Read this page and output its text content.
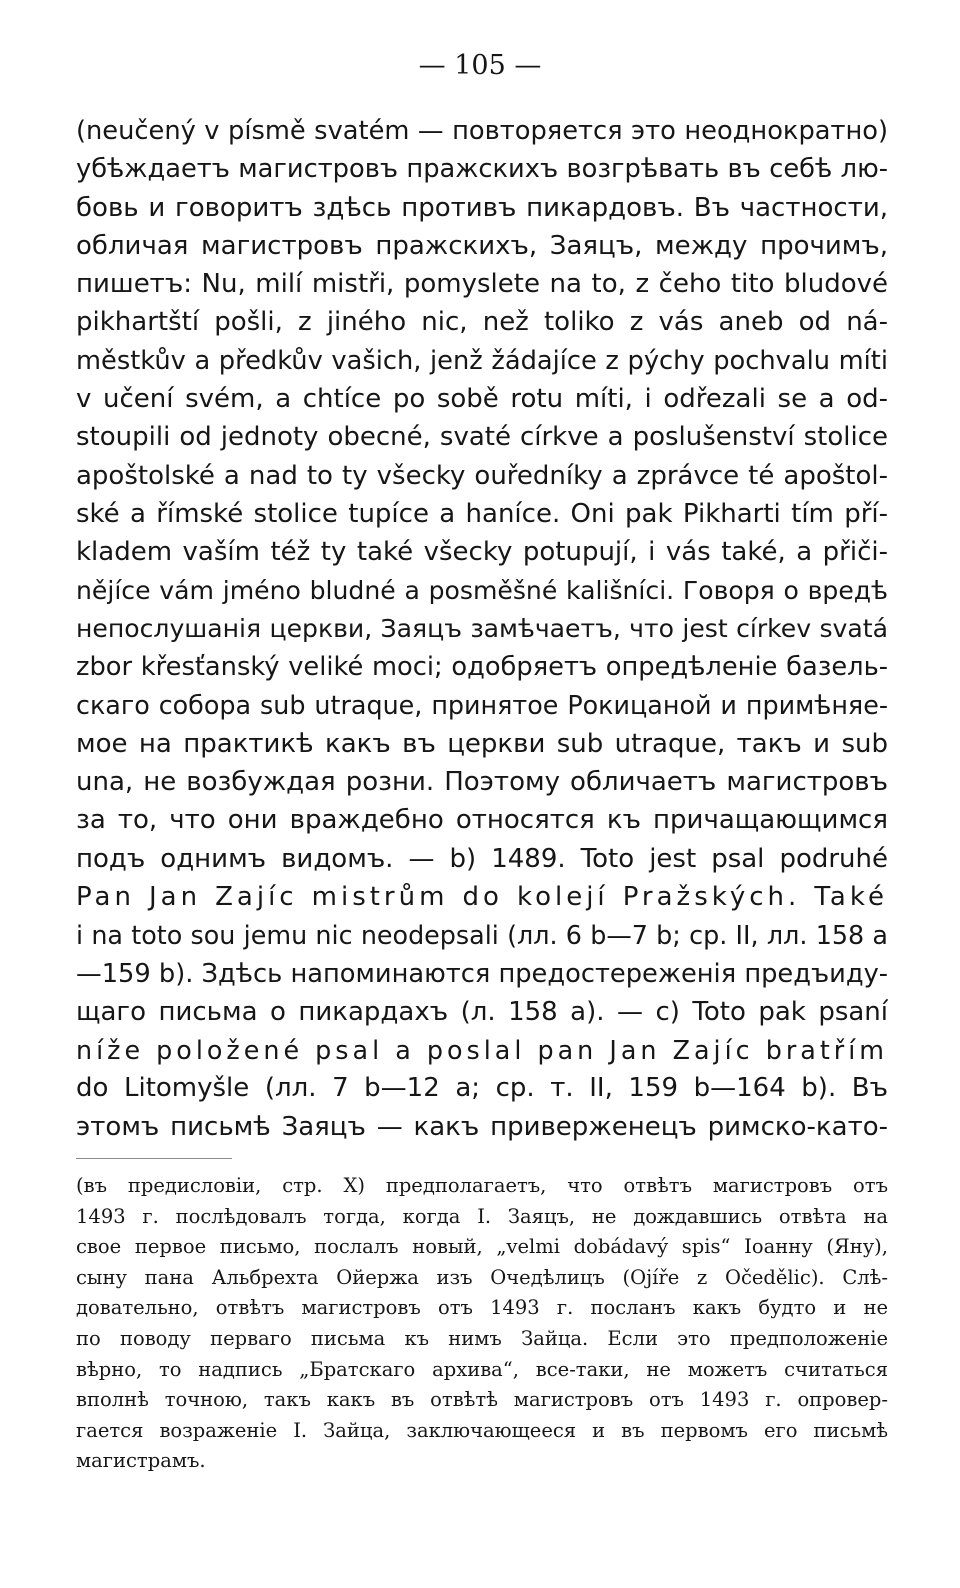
— 105 —
(neučený v písmě svatém — повторяется это неоднократно)
убѣждаетъ магистровъ пражскихъ возгрѣвать въ себѣ лю-
бовь и говоритъ здѣсь противъ пикардовъ. Въ частности,
обличая магистровъ пражскихъ, Заяцъ, между прочимъ,
пишетъ: Nu, milí mistři, pomyslete na to, z čeho tito bludové
pikhartští pošli, z jiného nic, než toliko z vás aneb od ná-
městkův a předkův vašich, jenž žádajíce z pýchy pochvalu míti
v učení svém, a chtíce po sobě rotu míti, i odřezali se a od-
stoupili od jednoty obecné, svaté církve a poslušenství stolice
apoštolské a nad to ty všecky ouředníky a zprávce té apoštol-
ské a římské stolice tupíce a haníce. Oni pak Pikharti tím pří-
kladem vaším též ty také všecky potupují, i vás také, a přiči-
nějíce vám jméno bludné a posměšné kališníci. Говоря о вредѣ
непослушанія церкви, Заяцъ замѣчаетъ, что jest církev svatá
zbor křesťanský veliké moci; одобряетъ опредѣленіе базель-
скаго собора sub utraque, принятое Рокицаной и примѣняе-
мое на практикѣ какъ въ церкви sub utraque, такъ и sub
una, не возбуждая розни. Поэтому обличаетъ магистровъ
за то, что они враждебно относятся къ причащающимся
подъ однимъ видомъ. — b) 1489. Toto jest psal podruhé
Pan Jan Zajíc mistrům do kolejí Pražských. Také
i na toto sou jemu nic neodepsali (лл. 6 b—7 b; ср. II, лл. 158 a
—159 b). Здѣсь напоминаются предостереженія предъиду-
щаго письма о пикардахъ (л. 158 a). — c) Toto pak psaní
níže položené psal a poslal pan Jan Zajíc bratřím
do Litomyšle (лл. 7 b—12 a; ср. т. II, 159 b—164 b). Въ
этомъ письмѣ Заяцъ — какъ приверженецъ римско-като-
(въ предисловіи, стр. X) предполагаетъ, что отвѣтъ магистровъ отъ
1493 г. послѣдовалъ тогда, когда I. Заяцъ, не дождавшись отвѣта на
свое первое письмо, послалъ новый, „velmi dobádavý spis“ Іоанну (Яну),
сыну пана Альбрехта Ойержа изъ Очедѣлицъ (Ojíře z Očedělic). Слѣ-
довательно, отвѣтъ магистровъ отъ 1493 г. посланъ какъ будто и не
по поводу перваго письма къ нимъ Зайца. Если это предположеніе
вѣрно, то надпись „Братскаго архива“, все-таки, не можетъ считаться
вполнѣ точною, такъ какъ въ отвѣтѣ магистровъ отъ 1493 г. опровер-
гается возраженіе I. Зайца, заключающееся и въ первомъ его письмѣ
магистрамъ.
